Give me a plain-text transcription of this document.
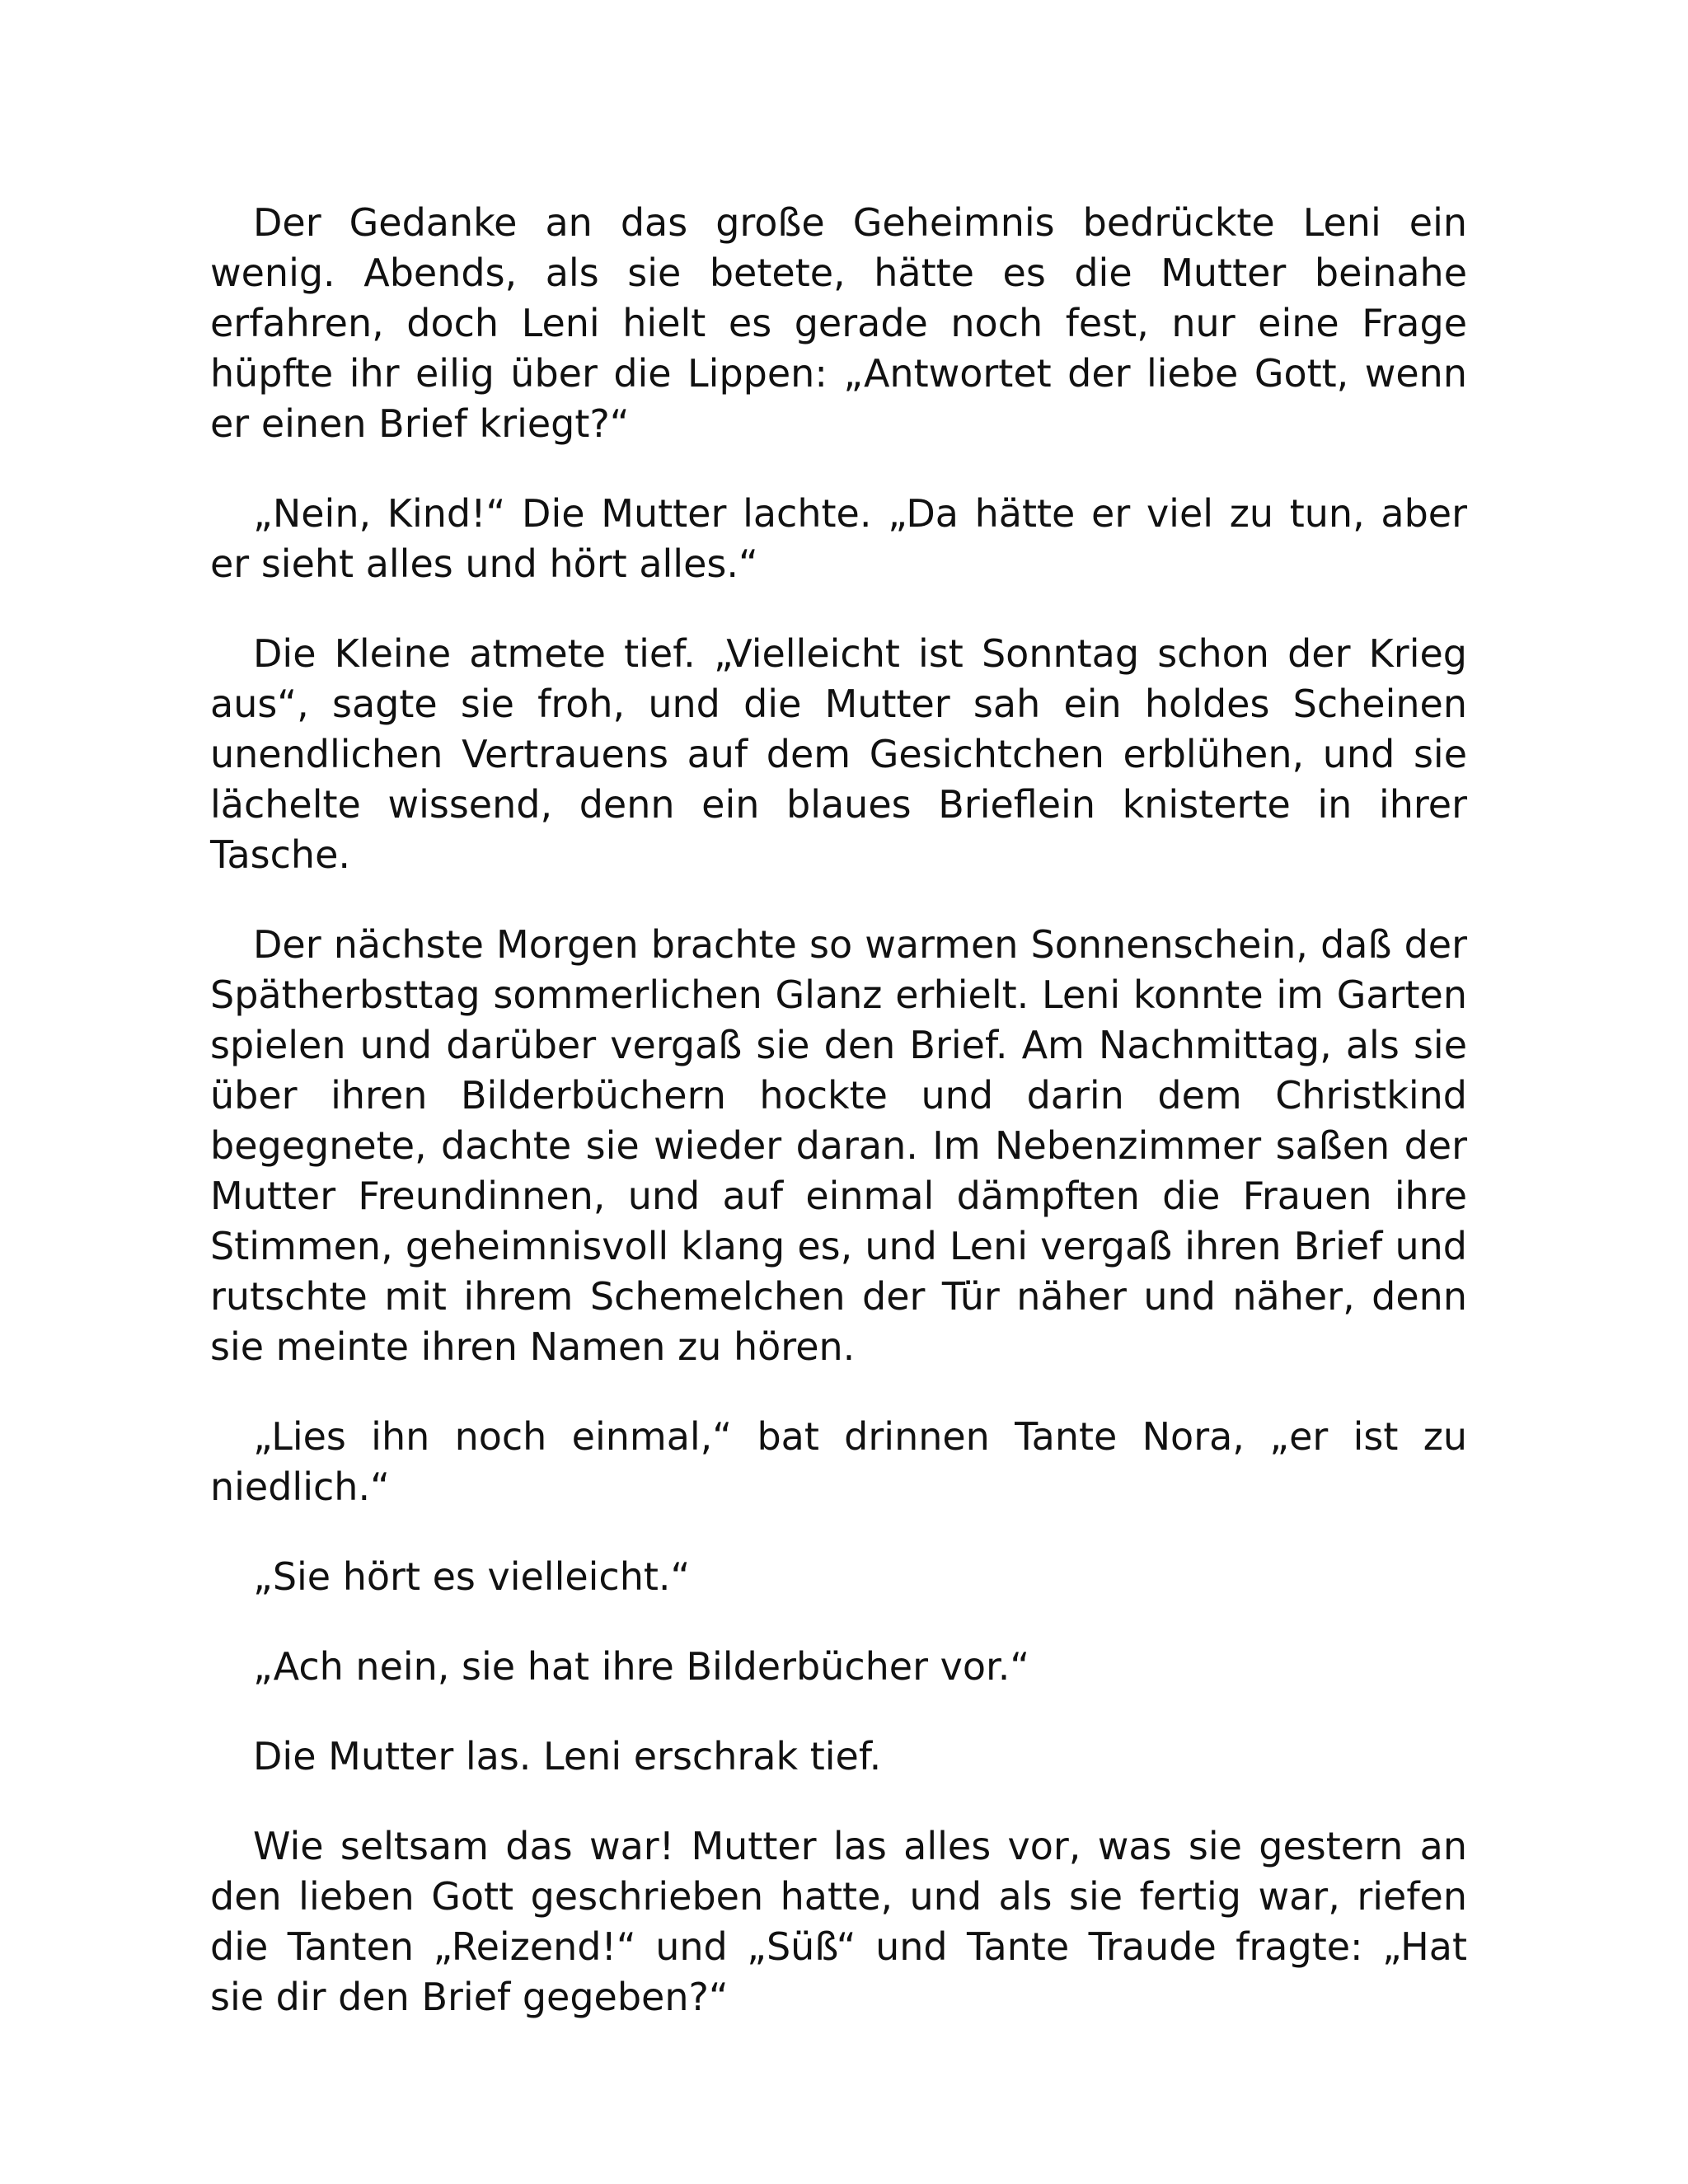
Der Gedanke an das große Geheimnis bedrückte Leni ein wenig. Abends, als sie betete, hätte es die Mutter beinahe erfahren, doch Leni hielt es gerade noch fest, nur eine Frage hüpfte ihr eilig über die Lippen: „Antwortet der liebe Gott, wenn er einen Brief kriegt?“

„Nein, Kind!“ Die Mutter lachte. „Da hätte er viel zu tun, aber er sieht alles und hört alles.“

Die Kleine atmete tief. „Vielleicht ist Sonntag schon der Krieg aus“, sagte sie froh, und die Mutter sah ein holdes Scheinen unendlichen Vertrauens auf dem Gesichtchen erblühen, und sie lächelte wissend, denn ein blaues Brieflein knisterte in ihrer Tasche.

Der nächste Morgen brachte so warmen Sonnenschein, daß der Spätherbsttag sommerlichen Glanz erhielt. Leni konnte im Garten spielen und darüber vergaß sie den Brief. Am Nachmittag, als sie über ihren Bilderbüchern hockte und darin dem Christkind begegnete, dachte sie wieder daran. Im Nebenzimmer saßen der Mutter Freundinnen, und auf einmal dämpften die Frauen ihre Stimmen, geheimnisvoll klang es, und Leni vergaß ihren Brief und rutschte mit ihrem Schemelchen der Tür näher und näher, denn sie meinte ihren Namen zu hören.

„Lies ihn noch einmal,“ bat drinnen Tante Nora, „er ist zu niedlich.“

„Sie hört es vielleicht.“

„Ach nein, sie hat ihre Bilderbücher vor.“

Die Mutter las. Leni erschrak tief.

Wie seltsam das war! Mutter las alles vor, was sie gestern an den lieben Gott geschrieben hatte, und als sie fertig war, riefen die Tanten „Reizend!“ und „Süß“ und Tante Traude fragte: „Hat sie dir den Brief gegeben?“
